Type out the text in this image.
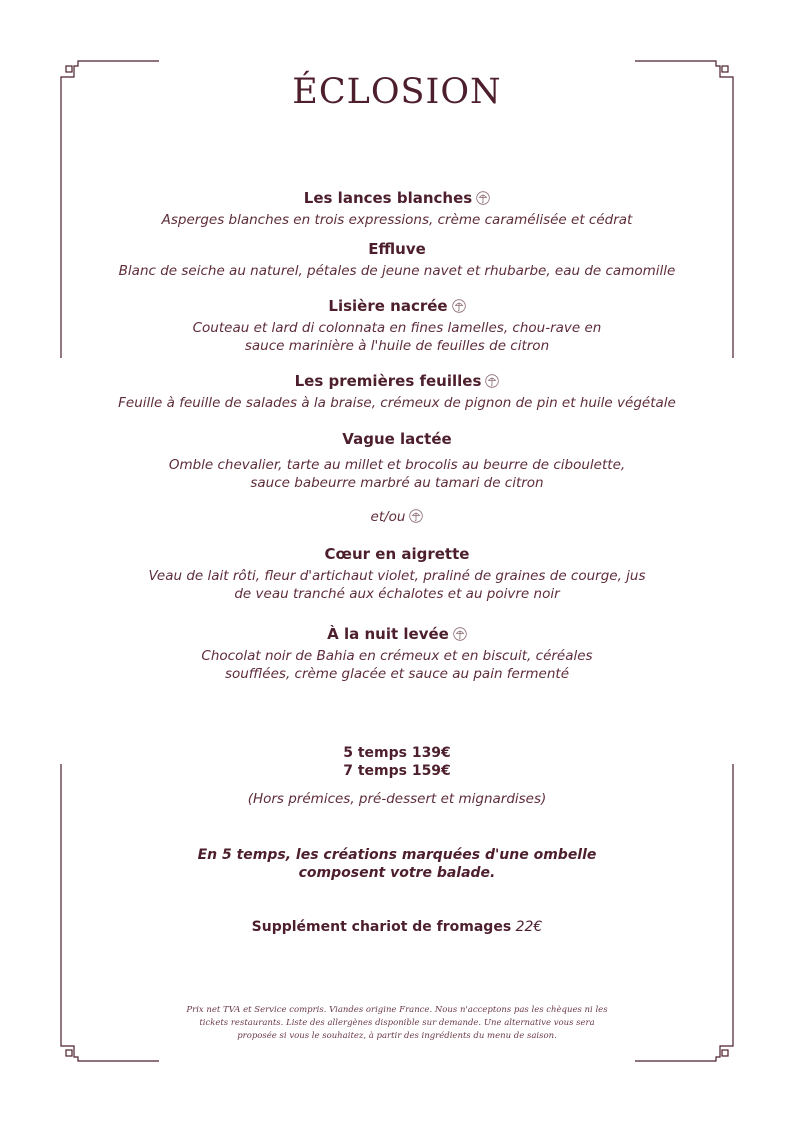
ÉCLOSION
Les lances blanches
Asperges blanches en trois expressions, crème caramélisée et cédrat
Effluve
Blanc de seiche au naturel, pétales de jeune navet et rhubarbe, eau de camomille
Lisière nacrée
Couteau et lard di colonnata en fines lamelles, chou-rave en sauce marinière à l'huile de feuilles de citron
Les premières feuilles
Feuille à feuille de salades à la braise, crémeux de pignon de pin et huile végétale
Vague lactée
Omble chevalier, tarte au millet et brocolis au beurre de ciboulette, sauce babeurre marbré au tamari de citron
et/ou
Cœur en aigrette
Veau de lait rôti, fleur d'artichaut violet, praliné de graines de courge, jus de veau tranché aux échalotes et au poivre noir
À la nuit levée
Chocolat noir de Bahia en crémeux et en biscuit, céréales soufflées, crème glacée et sauce au pain fermenté
5 temps 139€
7 temps 159€
(Hors prémices, pré-dessert et mignardises)
En 5 temps, les créations marquées d'une ombelle composent votre balade.
Supplément chariot de fromages 22€
Prix net TVA et Service compris. Viandes origine France. Nous n'acceptons pas les chèques ni les tickets restaurants. Liste des allergènes disponible sur demande. Une alternative vous sera proposée si vous le souhaitez, à partir des ingrédients du menu de saison.
